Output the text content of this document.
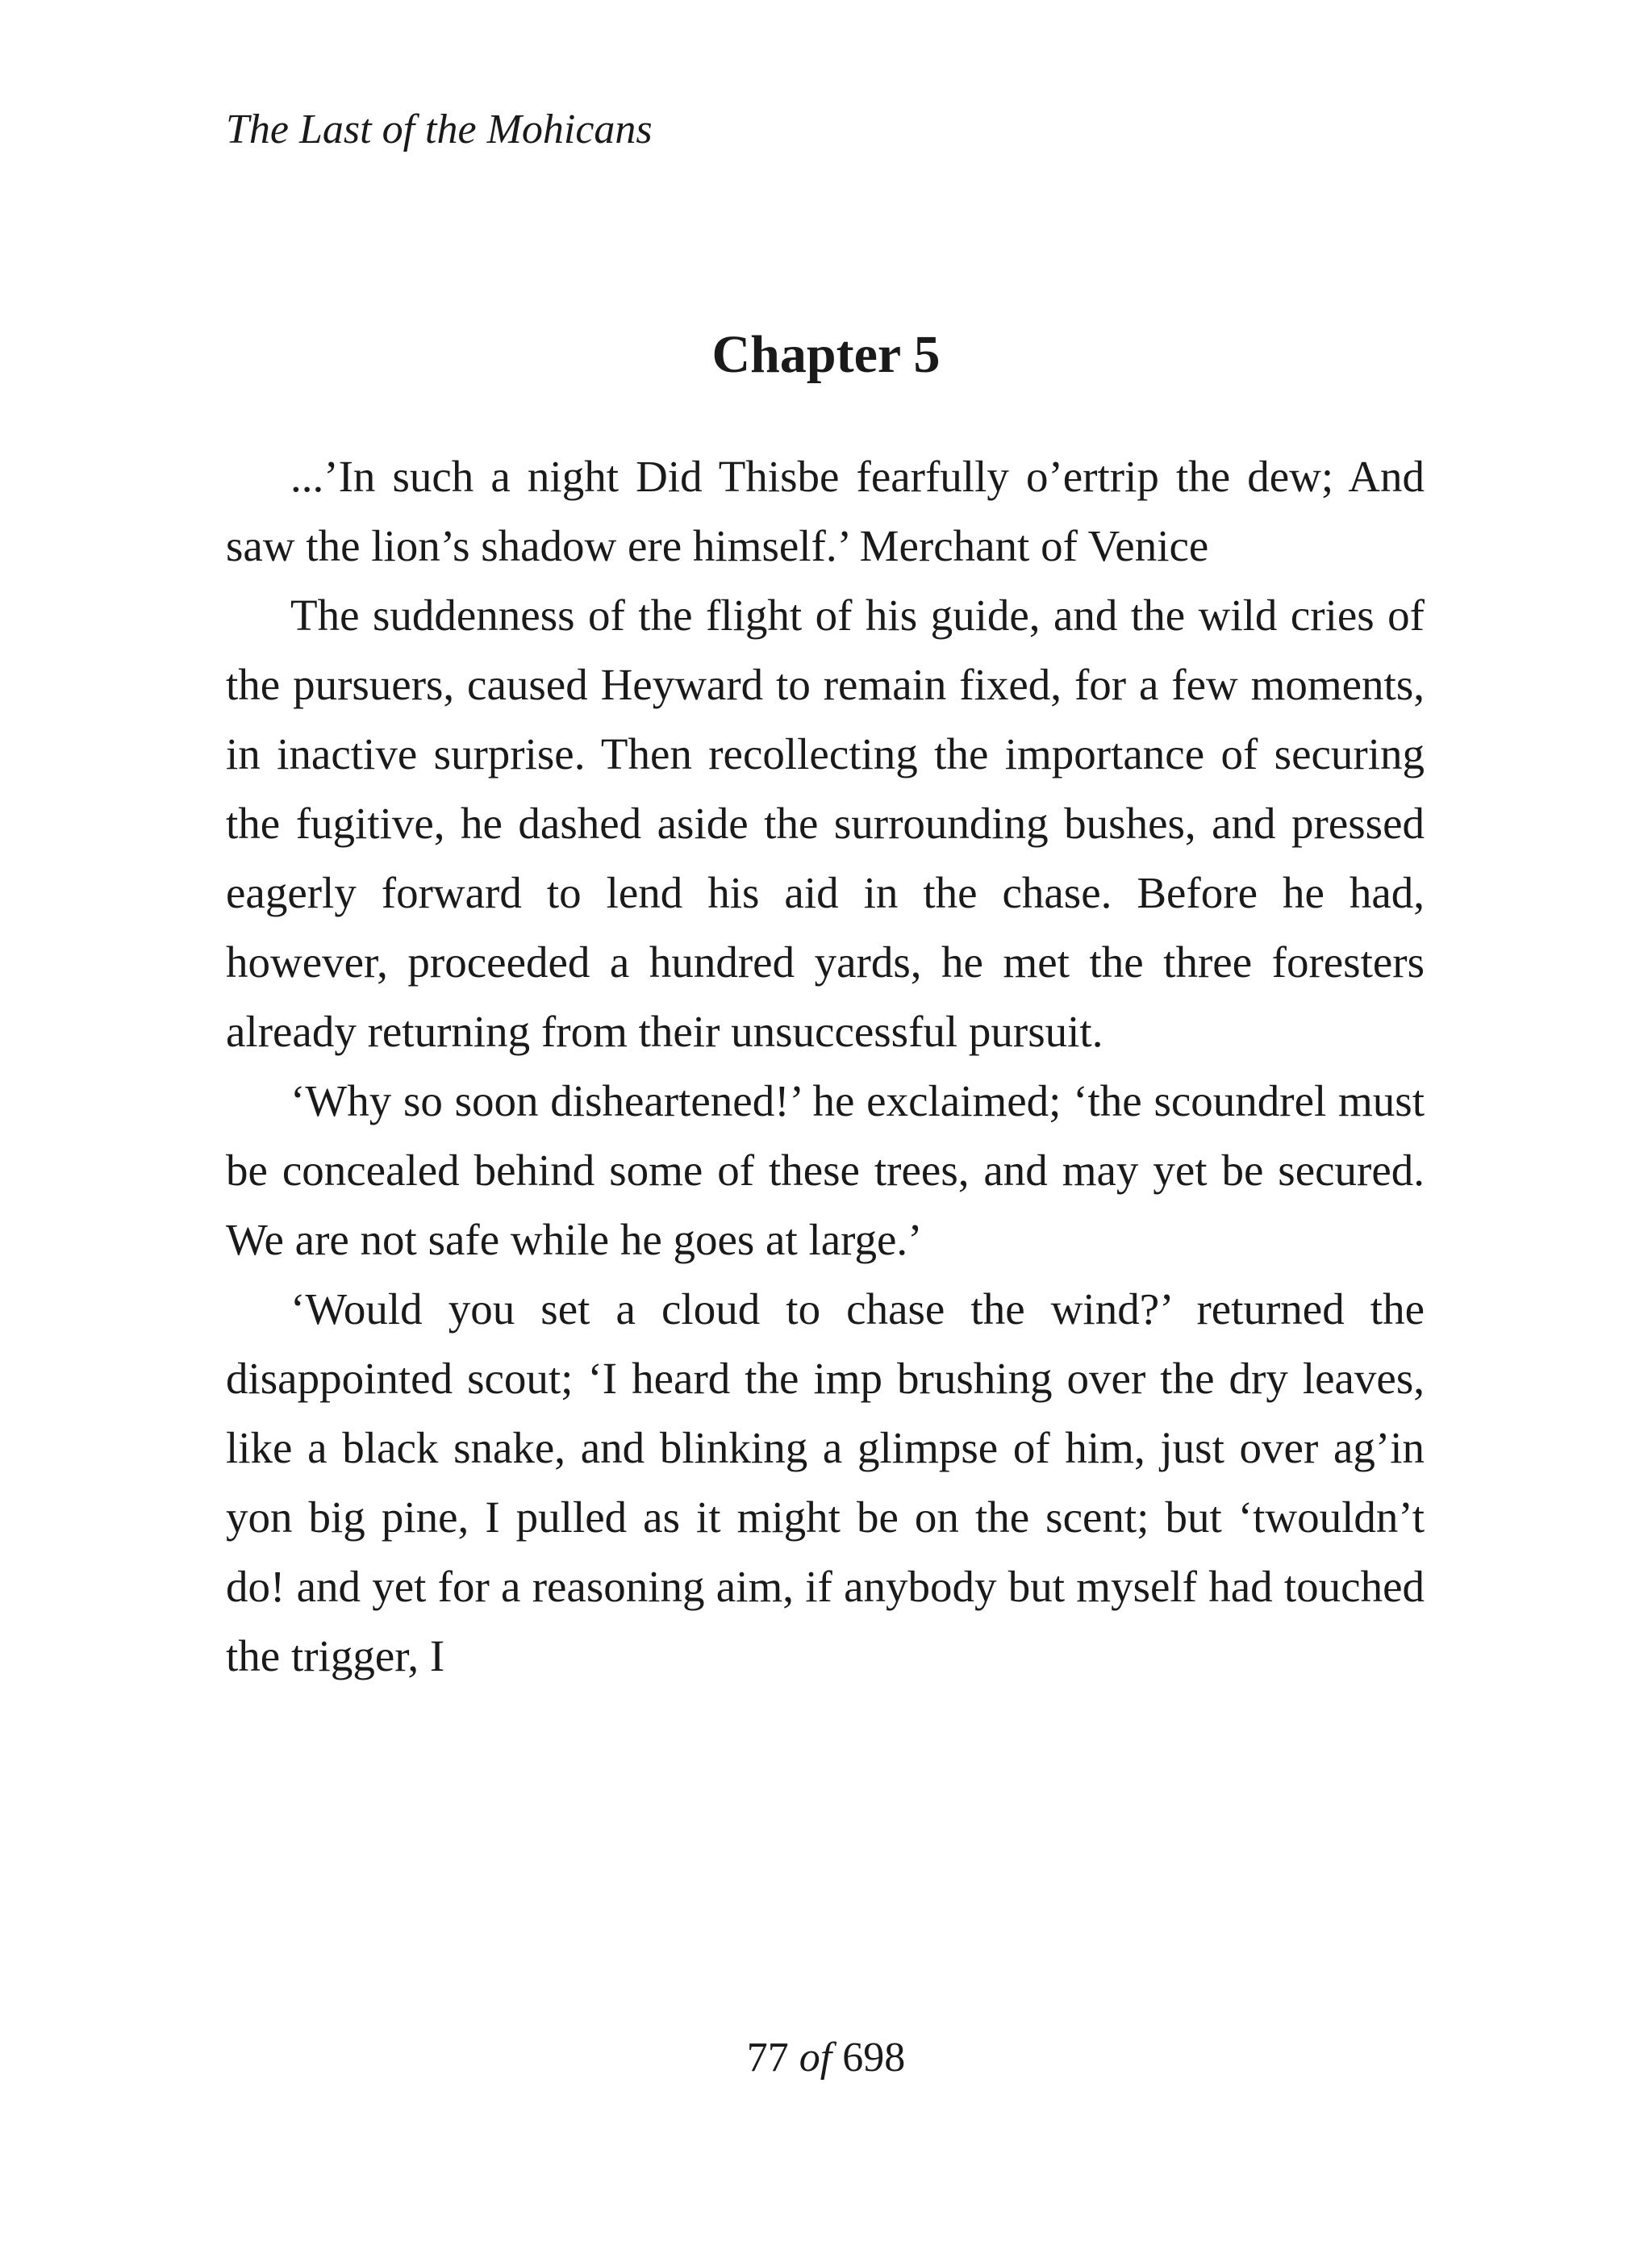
The Last of the Mohicans
Chapter 5

...’In such a night Did Thisbe fearfully o’ertrip the dew; And saw the lion’s shadow ere himself.’ Merchant of Venice

The suddenness of the flight of his guide, and the wild cries of the pursuers, caused Heyward to remain fixed, for a few moments, in inactive surprise. Then recollecting the importance of securing the fugitive, he dashed aside the surrounding bushes, and pressed eagerly forward to lend his aid in the chase. Before he had, however, proceeded a hundred yards, he met the three foresters already returning from their unsuccessful pursuit.

‘Why so soon disheartened!’ he exclaimed; ‘the scoundrel must be concealed behind some of these trees, and may yet be secured. We are not safe while he goes at large.’

‘Would you set a cloud to chase the wind?’ returned the disappointed scout; ‘I heard the imp brushing over the dry leaves, like a black snake, and blinking a glimpse of him, just over ag’in yon big pine, I pulled as it might be on the scent; but ‘twouldn’t do! and yet for a reasoning aim, if anybody but myself had touched the trigger, I

77 of 698
